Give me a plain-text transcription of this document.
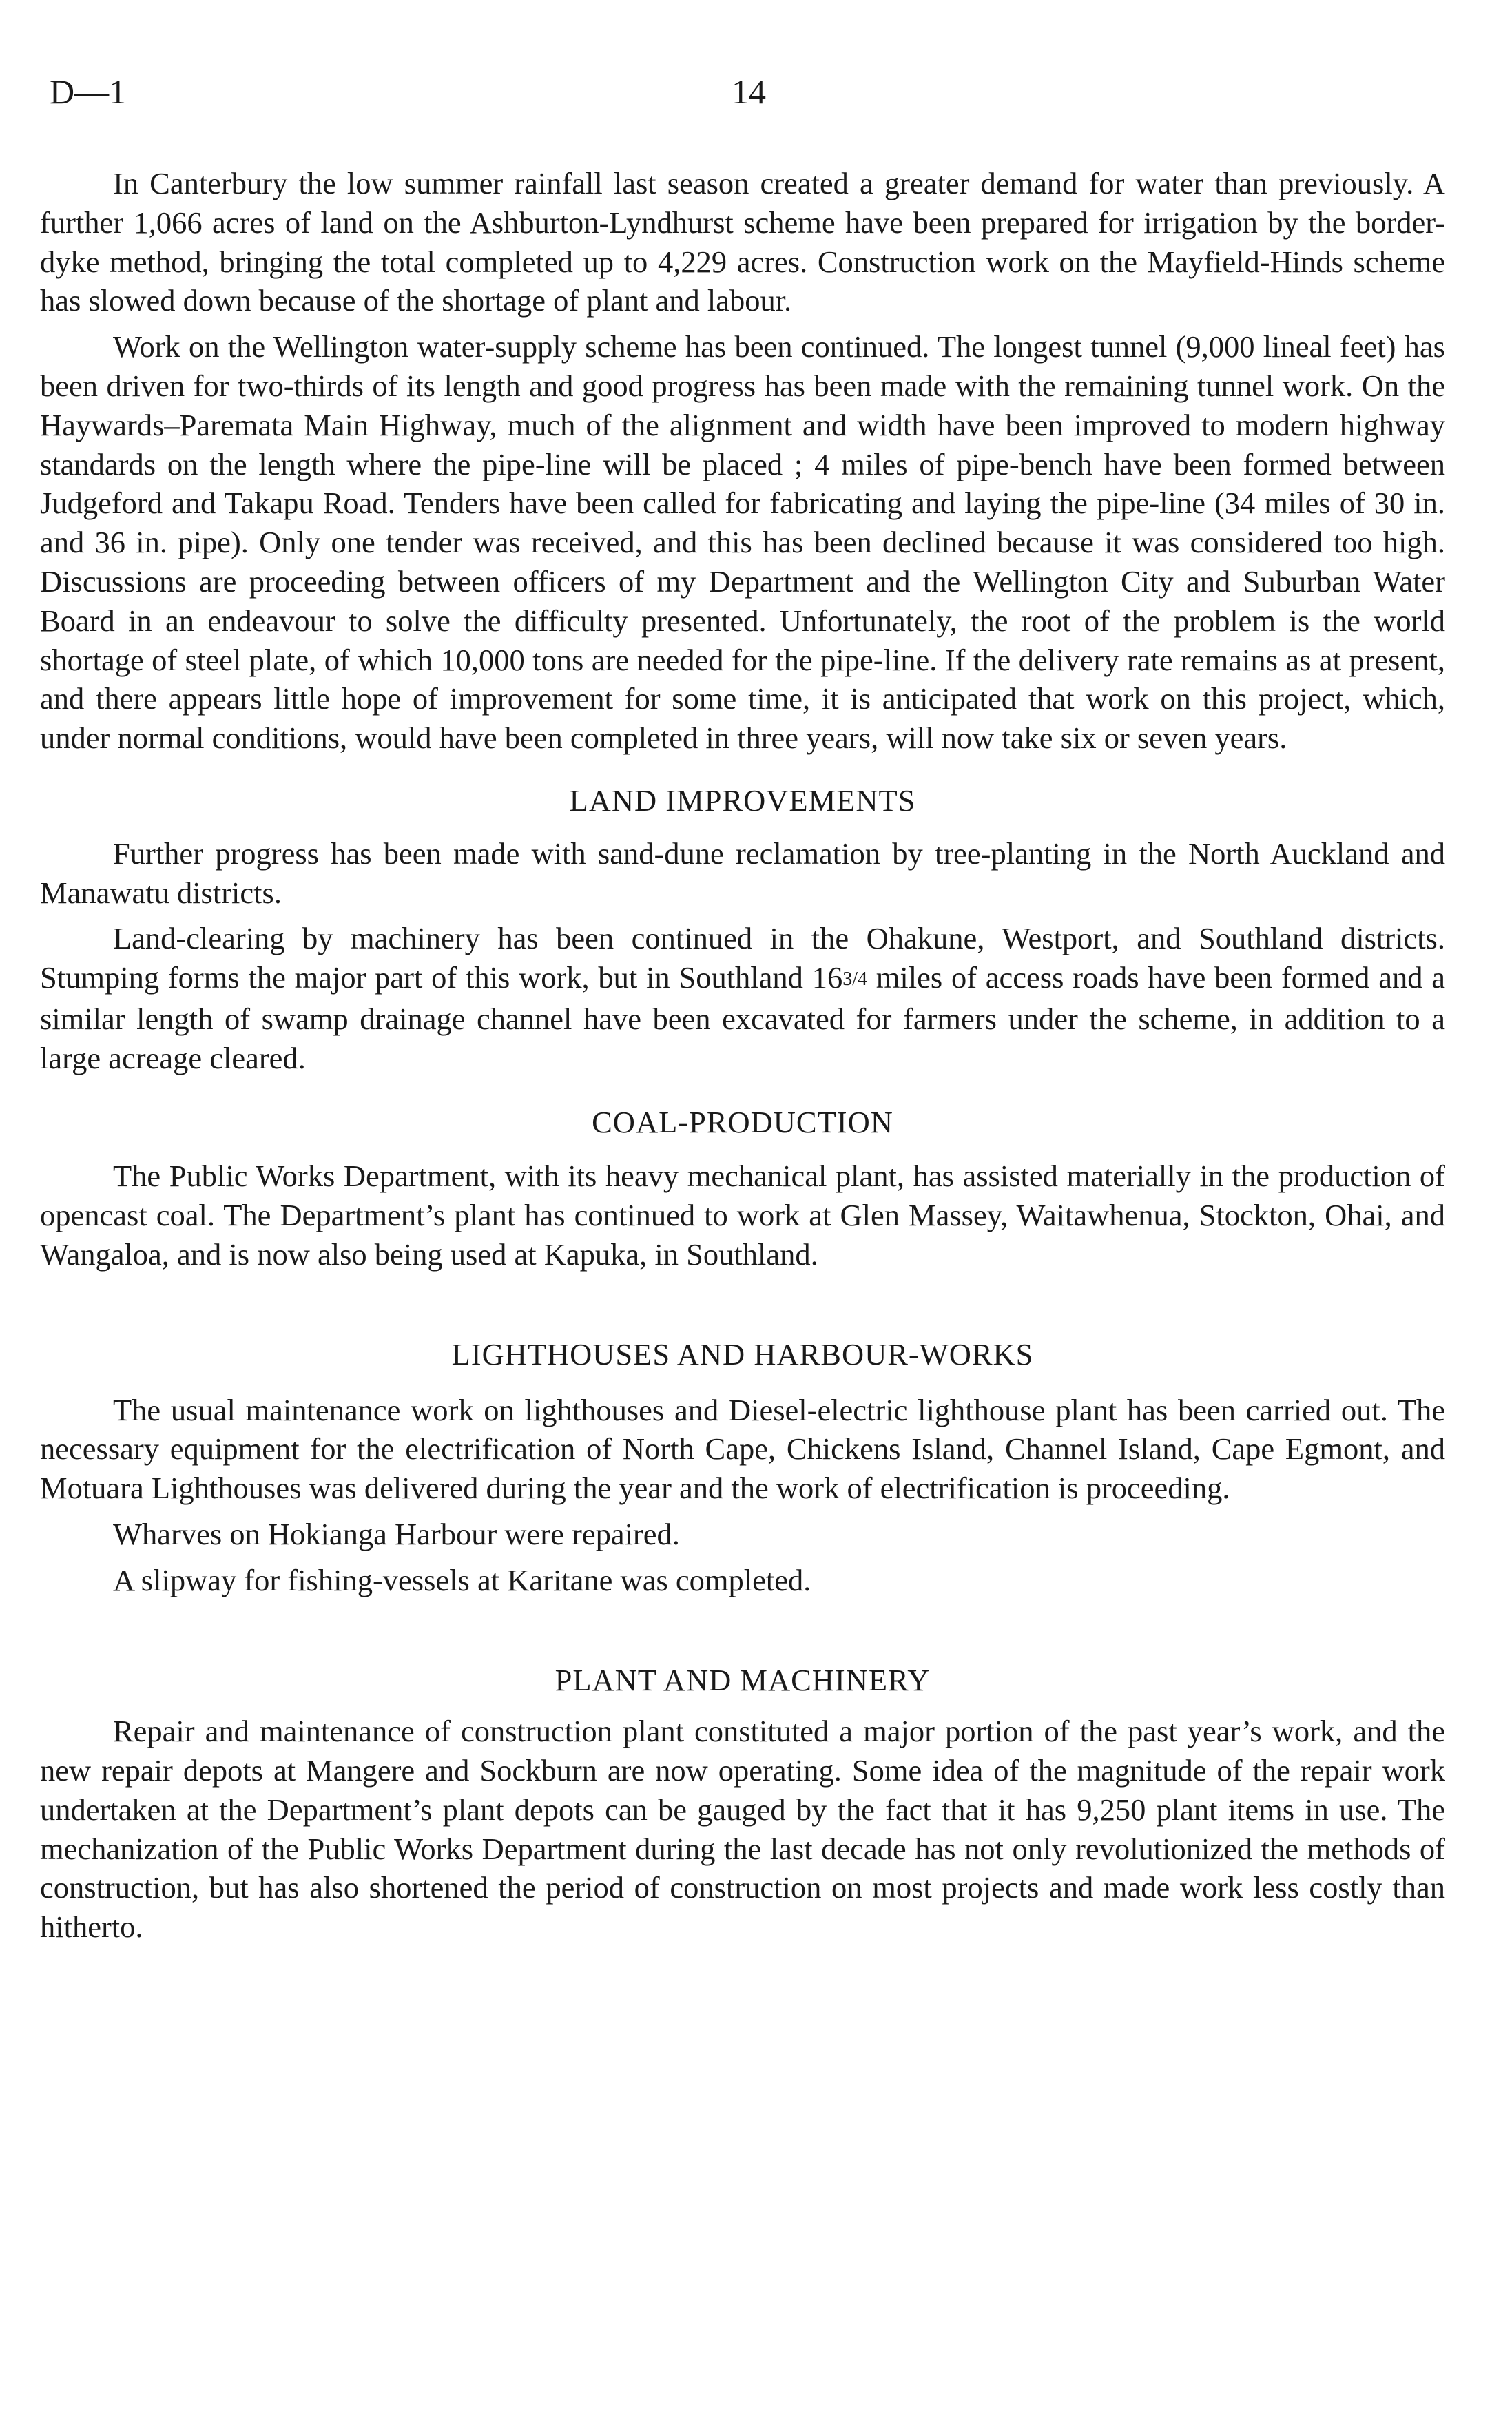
D—1	14

In Canterbury the low summer rainfall last season created a greater demand for water than previously. A further 1,066 acres of land on the Ashburton-Lyndhurst scheme have been prepared for irrigation by the border-dyke method, bringing the total completed up to 4,229 acres. Construction work on the Mayfield-Hinds scheme has slowed down because of the shortage of plant and labour.

Work on the Wellington water-supply scheme has been continued. The longest tunnel (9,000 lineal feet) has been driven for two-thirds of its length and good progress has been made with the remaining tunnel work. On the Haywards–Paremata Main Highway, much of the alignment and width have been improved to modern highway standards on the length where the pipe-line will be placed ; 4 miles of pipe-bench have been formed between Judgeford and Takapu Road. Tenders have been called for fabricating and laying the pipe-line (34 miles of 30 in. and 36 in. pipe). Only one tender was received, and this has been declined because it was considered too high. Discussions are proceeding between officers of my Department and the Wellington City and Suburban Water Board in an endeavour to solve the difficulty presented. Unfortunately, the root of the problem is the world shortage of steel plate, of which 10,000 tons are needed for the pipe-line. If the delivery rate remains as at present, and there appears little hope of improvement for some time, it is anticipated that work on this project, which, under normal conditions, would have been completed in three years, will now take six or seven years.

LAND IMPROVEMENTS

Further progress has been made with sand-dune reclamation by tree-planting in the North Auckland and Manawatu districts.

Land-clearing by machinery has been continued in the Ohakune, Westport, and Southland districts. Stumping forms the major part of this work, but in Southland 163/4 miles of access roads have been formed and a similar length of swamp drainage channel have been excavated for farmers under the scheme, in addition to a large acreage cleared.

COAL-PRODUCTION

The Public Works Department, with its heavy mechanical plant, has assisted materially in the production of opencast coal. The Department’s plant has continued to work at Glen Massey, Waitawhenua, Stockton, Ohai, and Wangaloa, and is now also being used at Kapuka, in Southland.

LIGHTHOUSES AND HARBOUR-WORKS

The usual maintenance work on lighthouses and Diesel-electric lighthouse plant has been carried out. The necessary equipment for the electrification of North Cape, Chickens Island, Channel Island, Cape Egmont, and Motuara Lighthouses was delivered during the year and the work of electrification is proceeding.

Wharves on Hokianga Harbour were repaired.

A slipway for fishing-vessels at Karitane was completed.

PLANT AND MACHINERY

Repair and maintenance of construction plant constituted a major portion of the past year’s work, and the new repair depots at Mangere and Sockburn are now operating. Some idea of the magnitude of the repair work undertaken at the Department’s plant depots can be gauged by the fact that it has 9,250 plant items in use. The mechanization of the Public Works Department during the last decade has not only revolutionized the methods of construction, but has also shortened the period of construction on most projects and made work less costly than hitherto.
